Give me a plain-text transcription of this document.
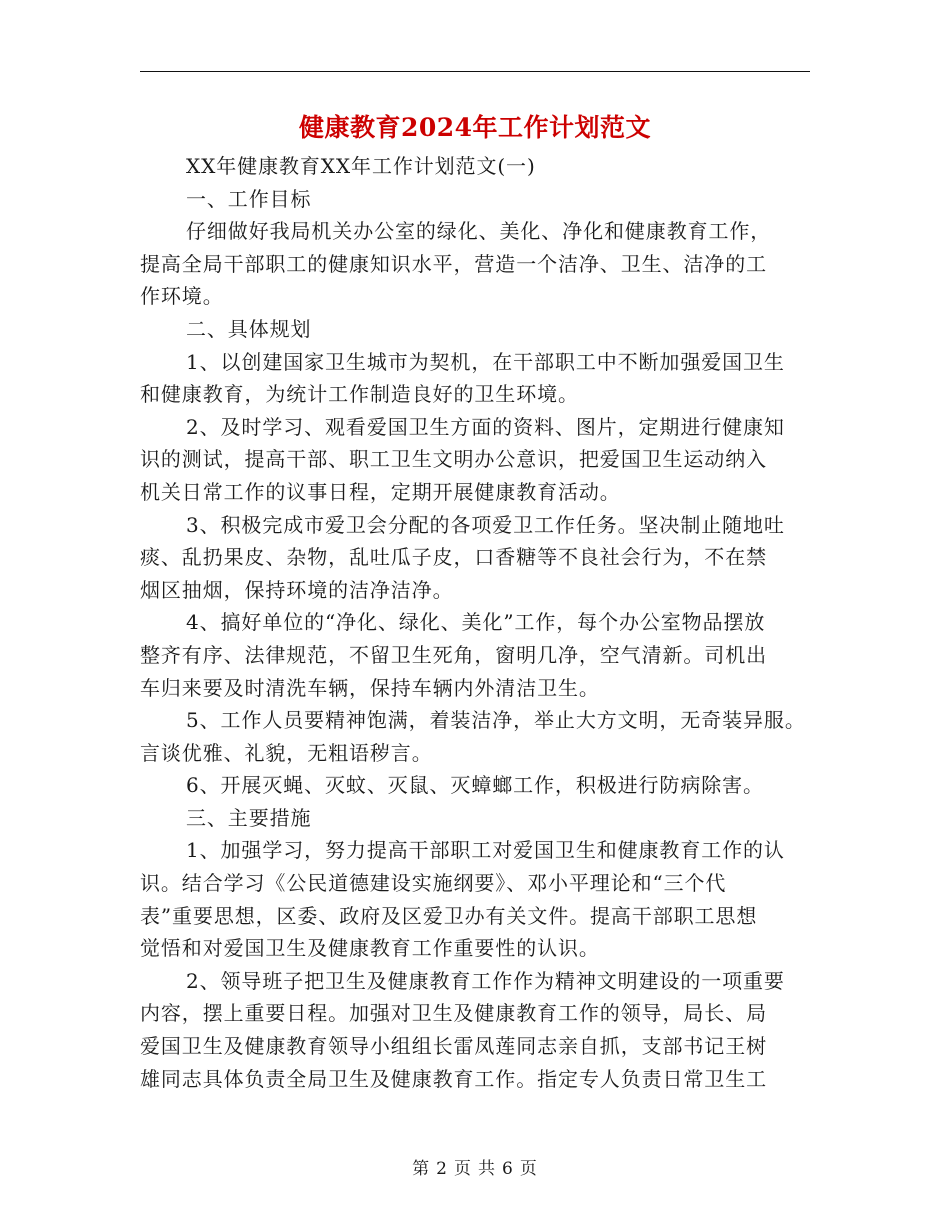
健康教育2024年工作计划范文
XX年健康教育XX年工作计划范文(一)
一、工作目标
仔细做好我局机关办公室的绿化、美化、净化和健康教育工作，
提高全局干部职工的健康知识水平，营造一个洁净、卫生、洁净的工
作环境。
二、具体规划
1、以创建国家卫生城市为契机，在干部职工中不断加强爱国卫生
和健康教育，为统计工作制造良好的卫生环境。
2、及时学习、观看爱国卫生方面的资料、图片，定期进行健康知
识的测试，提高干部、职工卫生文明办公意识，把爱国卫生运动纳入
机关日常工作的议事日程，定期开展健康教育活动。
3、积极完成市爱卫会分配的各项爱卫工作任务。坚决制止随地吐
痰、乱扔果皮、杂物，乱吐瓜子皮，口香糖等不良社会行为，不在禁
烟区抽烟，保持环境的洁净洁净。
4、搞好单位的“净化、绿化、美化”工作，每个办公室物品摆放
整齐有序、法律规范，不留卫生死角，窗明几净，空气清新。司机出
车归来要及时清洗车辆，保持车辆内外清洁卫生。
5、工作人员要精神饱满，着装洁净，举止大方文明，无奇装异服。
言谈优雅、礼貌，无粗语秽言。
6、开展灭蝇、灭蚊、灭鼠、灭蟑螂工作，积极进行防病除害。
三、主要措施
1、加强学习，努力提高干部职工对爱国卫生和健康教育工作的认
识。结合学习《公民道德建设实施纲要》、邓小平理论和“三个代
表”重要思想，区委、政府及区爱卫办有关文件。提高干部职工思想
觉悟和对爱国卫生及健康教育工作重要性的认识。
2、领导班子把卫生及健康教育工作作为精神文明建设的一项重要
内容，摆上重要日程。加强对卫生及健康教育工作的领导，局长、局
爱国卫生及健康教育领导小组组长雷凤莲同志亲自抓，支部书记王树
雄同志具体负责全局卫生及健康教育工作。指定专人负责日常卫生工
第 2 页 共 6 页
